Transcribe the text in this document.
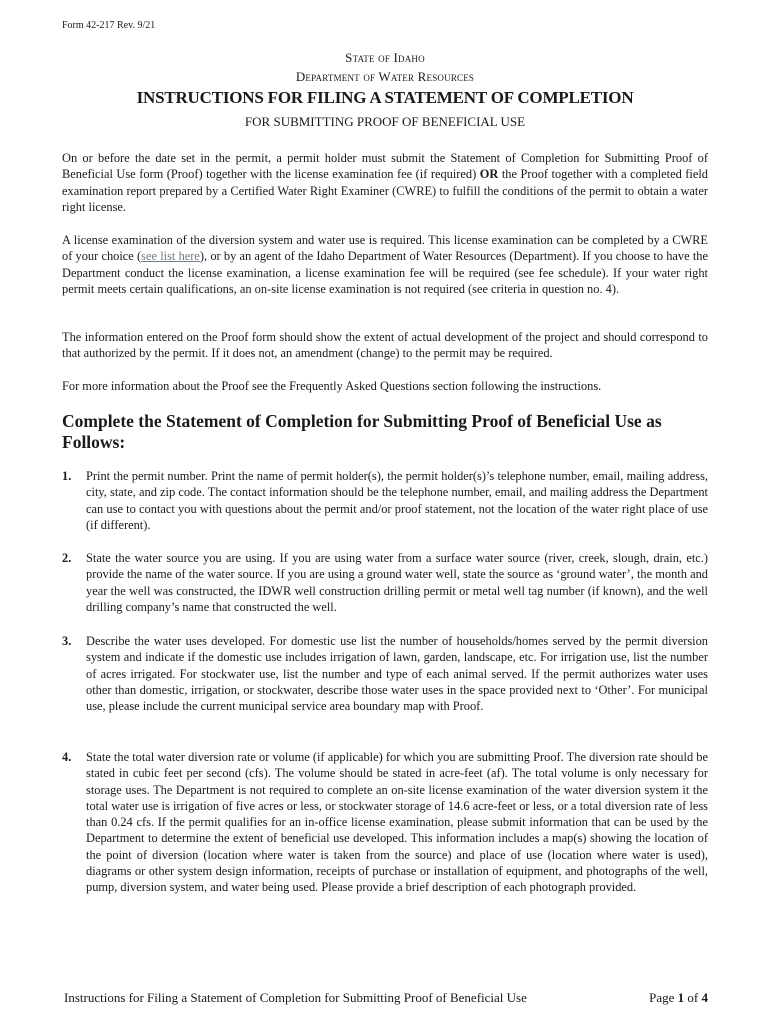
Form 42-217 Rev. 9/21
State of Idaho
Department of Water Resources
INSTRUCTIONS FOR FILING A STATEMENT OF COMPLETION
FOR SUBMITTING PROOF OF BENEFICIAL USE

On or before the date set in the permit, a permit holder must submit the Statement of Completion for Submitting Proof of Beneficial Use form (Proof) together with the license examination fee (if required) OR the Proof together with a completed field examination report prepared by a Certified Water Right Examiner (CWRE) to fulfill the conditions of the permit to obtain a water right license.

A license examination of the diversion system and water use is required. This license examination can be completed by a CWRE of your choice (see list here), or by an agent of the Idaho Department of Water Resources (Department). If you choose to have the Department conduct the license examination, a license examination fee will be required (see fee schedule). If your water right permit meets certain qualifications, an on-site license examination is not required (see criteria in question no. 4).

The information entered on the Proof form should show the extent of actual development of the project and should correspond to that authorized by the permit. If it does not, an amendment (change) to the permit may be required.

For more information about the Proof see the Frequently Asked Questions section following the instructions.

Complete the Statement of Completion for Submitting Proof of Beneficial Use as Follows:
1. Print the permit number. Print the name of permit holder(s), the permit holder(s)’s telephone number, email, mailing address, city, state, and zip code. The contact information should be the telephone number, email, and mailing address the Department can use to contact you with questions about the permit and/or proof statement, not the location of the water right place of use (if different).

2. State the water source you are using. If you are using water from a surface water source (river, creek, slough, drain, etc.) provide the name of the water source. If you are using a ground water well, state the source as ‘ground water’, the month and year the well was constructed, the IDWR well construction drilling permit or metal well tag number (if known), and the well drilling company’s name that constructed the well.

3. Describe the water uses developed. For domestic use list the number of households/homes served by the permit diversion system and indicate if the domestic use includes irrigation of lawn, garden, landscape, etc. For irrigation use, list the number of acres irrigated. For stockwater use, list the number and type of each animal served. If the permit authorizes water uses other than domestic, irrigation, or stockwater, describe those water uses in the space provided next to ‘Other’. For municipal use, please include the current municipal service area boundary map with Proof.

4. State the total water diversion rate or volume (if applicable) for which you are submitting Proof. The diversion rate should be stated in cubic feet per second (cfs). The volume should be stated in acre-feet (af). The total volume is only necessary for storage uses. The Department is not required to complete an on-site license examination of the water diversion system it the total water use is irrigation of five acres or less, or stockwater storage of 14.6 acre-feet or less, or a total diversion rate of less than 0.24 cfs. If the permit qualifies for an in-office license examination, please submit information that can be used by the Department to determine the extent of beneficial use developed. This information includes a map(s) showing the location of the point of diversion (location where water is taken from the source) and place of use (location where water is used), diagrams or other system design information, receipts of purchase or installation of equipment, and photographs of the well, pump, diversion system, and water being used. Please provide a brief description of each photograph provided.

Instructions for Filing a Statement of Completion for Submitting Proof of Beneficial Use	Page 1 of 4
